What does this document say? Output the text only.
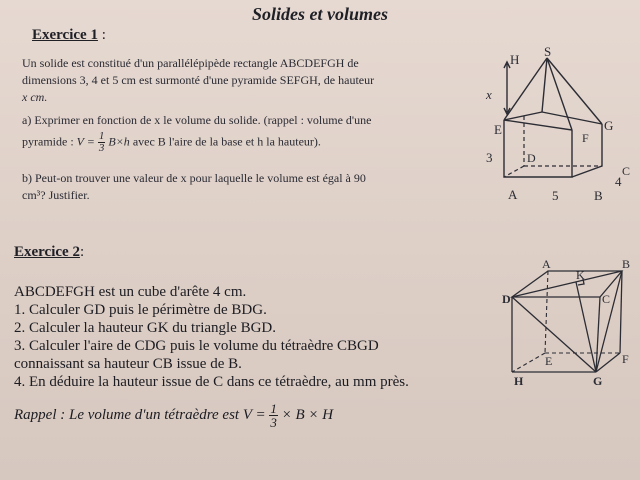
Solides et volumes
Exercice 1 :
Un solide est constitué d'un parallélépipède rectangle ABCDEFGH de
dimensions 3, 4 et 5 cm est surmonté d'une pyramide SEFGH, de hauteur
x cm.
a) Exprimer en fonction de x le volume du solide. (rappel : volume d'une
pyramide : $V = \frac{1}{3} B\times h$ avec B l'aire de la base et h la hauteur).
b) Peut-on trouver une valeur de x pour laquelle le volume est égal à 90
cm³? Justifier.
H
S
x
E	G
F
D
3
A	5	B
4
C
Exercice 2:
ABCDEFGH est un cube d'arête 4 cm.
1. Calculer GD puis le périmètre de BDG.
2. Calculer la hauteur GK du triangle BGD.
3. Calculer l'aire de CDG puis le volume du tétraèdre CBGD
connaissant sa hauteur CB issue de B.
4. En déduire la hauteur issue de C dans ce tétraèdre, au mm près.
Rappel : Le volume d'un tétraèdre est $V = \frac{1}{3} \times B \times H$
A
K
B
D	C
E	F
H	G
